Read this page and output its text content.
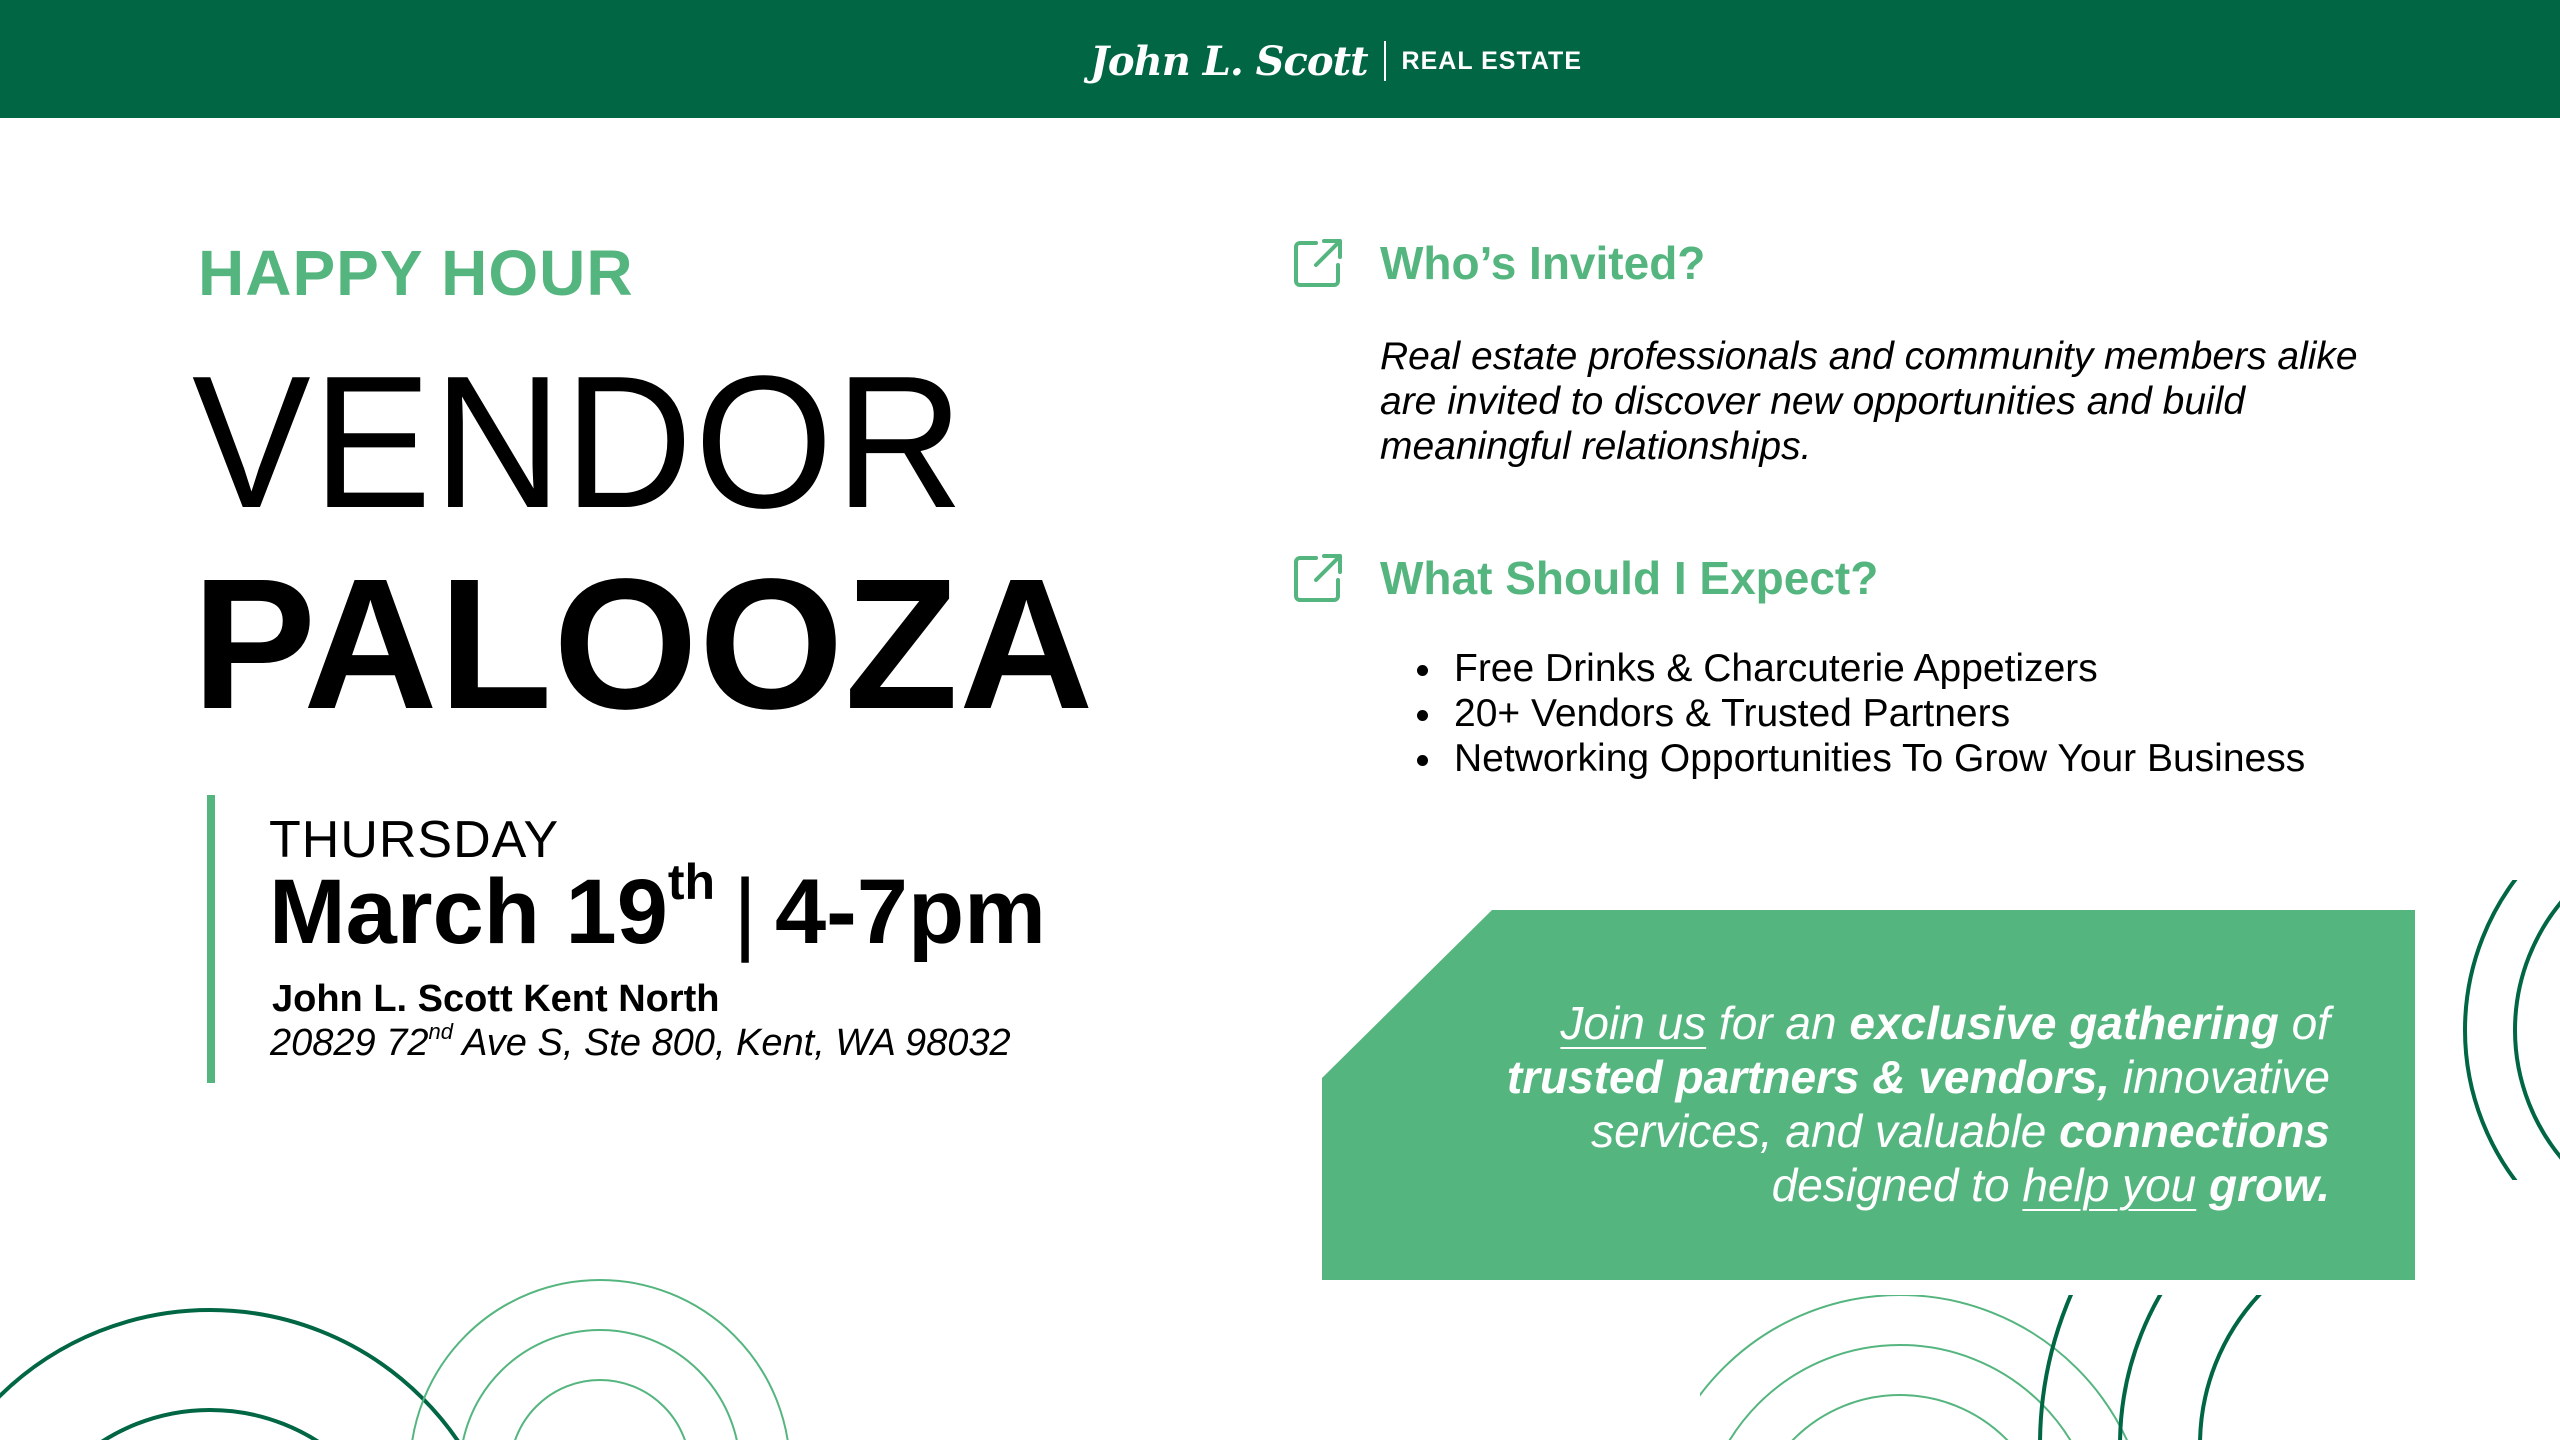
John L. Scott REAL ESTATE
HAPPY HOUR
VENDOR
PALOOZA
THURSDAY
March 19th | 4-7pm
John L. Scott Kent North
20829 72nd Ave S, Ste 800, Kent, WA 98032
Who’s Invited?
Real estate professionals and community members alike are invited to discover new opportunities and build meaningful relationships.
What Should I Expect?
• Free Drinks & Charcuterie Appetizers
• 20+ Vendors & Trusted Partners
• Networking Opportunities To Grow Your Business
Join us for an exclusive gathering of
trusted partners & vendors, innovative
services, and valuable connections
designed to help you grow.
